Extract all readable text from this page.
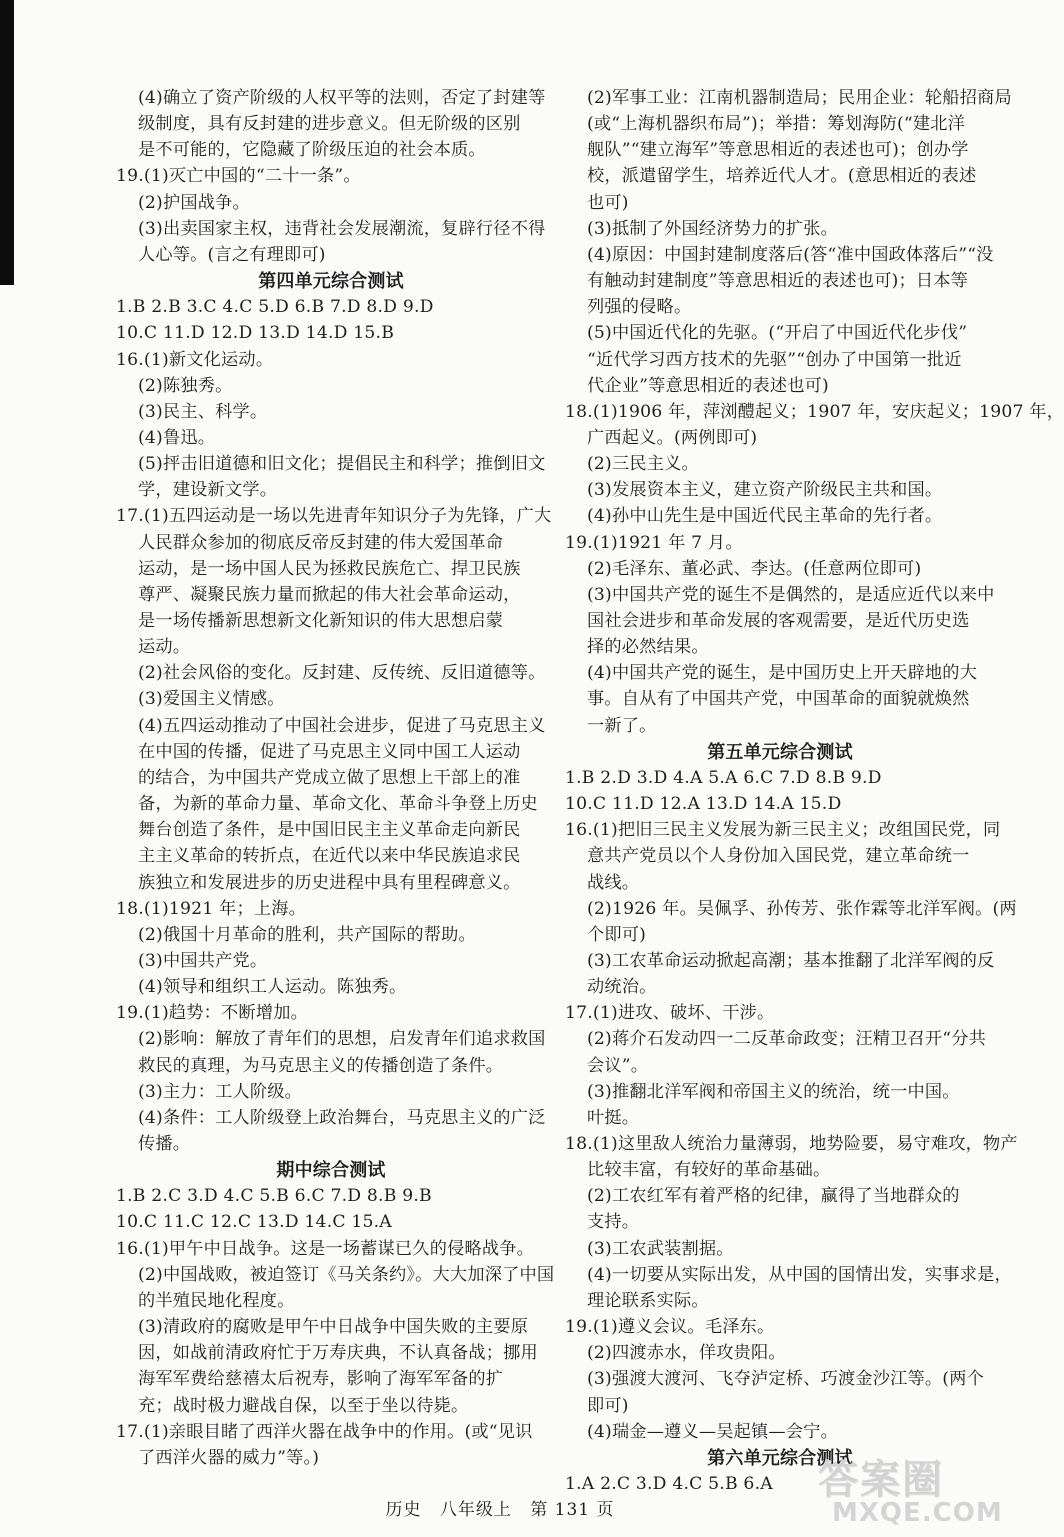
(4)确立了资产阶级的人权平等的法则，否定了封建等
级制度，具有反封建的进步意义。但无阶级的区别
是不可能的，它隐藏了阶级压迫的社会本质。
19.(1)灭亡中国的“二十一条”。
(2)护国战争。
(3)出卖国家主权，违背社会发展潮流，复辟行径不得
人心等。(言之有理即可)
第四单元综合测试
1.B 2.B 3.C 4.C 5.D 6.B 7.D 8.D 9.D
10.C 11.D 12.D 13.D 14.D 15.B
16.(1)新文化运动。
(2)陈独秀。
(3)民主、科学。
(4)鲁迅。
(5)抨击旧道德和旧文化；提倡民主和科学；推倒旧文
学，建设新文学。
17.(1)五四运动是一场以先进青年知识分子为先锋，广大
人民群众参加的彻底反帝反封建的伟大爱国革命
运动，是一场中国人民为拯救民族危亡、捍卫民族
尊严、凝聚民族力量而掀起的伟大社会革命运动，
是一场传播新思想新文化新知识的伟大思想启蒙
运动。
(2)社会风俗的变化。反封建、反传统、反旧道德等。
(3)爱国主义情感。
(4)五四运动推动了中国社会进步，促进了马克思主义
在中国的传播，促进了马克思主义同中国工人运动
的结合，为中国共产党成立做了思想上干部上的准
备，为新的革命力量、革命文化、革命斗争登上历史
舞台创造了条件，是中国旧民主主义革命走向新民
主主义革命的转折点，在近代以来中华民族追求民
族独立和发展进步的历史进程中具有里程碑意义。
18.(1)1921 年；上海。
(2)俄国十月革命的胜利，共产国际的帮助。
(3)中国共产党。
(4)领导和组织工人运动。陈独秀。
19.(1)趋势：不断增加。
(2)影响：解放了青年们的思想，启发青年们追求救国
救民的真理，为马克思主义的传播创造了条件。
(3)主力：工人阶级。
(4)条件：工人阶级登上政治舞台，马克思主义的广泛
传播。
期中综合测试
1.B 2.C 3.D 4.C 5.B 6.C 7.D 8.B 9.B
10.C 11.C 12.C 13.D 14.C 15.A
16.(1)甲午中日战争。这是一场蓄谋已久的侵略战争。
(2)中国战败，被迫签订《马关条约》。大大加深了中国
的半殖民地化程度。
(3)清政府的腐败是甲午中日战争中国失败的主要原
因，如战前清政府忙于万寿庆典，不认真备战；挪用
海军军费给慈禧太后祝寿，影响了海军军备的扩
充；战时极力避战自保，以至于坐以待毙。
17.(1)亲眼目睹了西洋火器在战争中的作用。(或“见识
了西洋火器的威力”等。)
(2)军事工业：江南机器制造局；民用企业：轮船招商局
(或“上海机器织布局”)；举措：筹划海防(“建北洋
舰队”“建立海军”等意思相近的表述也可)；创办学
校，派遣留学生，培养近代人才。(意思相近的表述
也可)
(3)抵制了外国经济势力的扩张。
(4)原因：中国封建制度落后(答“准中国政体落后”“没
有触动封建制度”等意思相近的表述也可)；日本等
列强的侵略。
(5)中国近代化的先驱。(“开启了中国近代化步伐”
“近代学习西方技术的先驱”“创办了中国第一批近
代企业”等意思相近的表述也可)
18.(1)1906 年，萍浏醴起义；1907 年，安庆起义；1907 年，
广西起义。(两例即可)
(2)三民主义。
(3)发展资本主义，建立资产阶级民主共和国。
(4)孙中山先生是中国近代民主革命的先行者。
19.(1)1921 年 7 月。
(2)毛泽东、董必武、李达。(任意两位即可)
(3)中国共产党的诞生不是偶然的，是适应近代以来中
国社会进步和革命发展的客观需要，是近代历史选
择的必然结果。
(4)中国共产党的诞生，是中国历史上开天辟地的大
事。自从有了中国共产党，中国革命的面貌就焕然
一新了。
第五单元综合测试
1.B 2.D 3.D 4.A 5.A 6.C 7.D 8.B 9.D
10.C 11.D 12.A 13.D 14.A 15.D
16.(1)把旧三民主义发展为新三民主义；改组国民党，同
意共产党员以个人身份加入国民党，建立革命统一
战线。
(2)1926 年。吴佩孚、孙传芳、张作霖等北洋军阀。(两
个即可)
(3)工农革命运动掀起高潮；基本推翻了北洋军阀的反
动统治。
17.(1)进攻、破坏、干涉。
(2)蒋介石发动四一二反革命政变；汪精卫召开“分共
会议”。
(3)推翻北洋军阀和帝国主义的统治，统一中国。
叶挺。
18.(1)这里敌人统治力量薄弱，地势险要，易守难攻，物产
比较丰富，有较好的革命基础。
(2)工农红军有着严格的纪律，赢得了当地群众的
支持。
(3)工农武装割据。
(4)一切要从实际出发，从中国的国情出发，实事求是，
理论联系实际。
19.(1)遵义会议。毛泽东。
(2)四渡赤水，佯攻贵阳。
(3)强渡大渡河、飞夺泸定桥、巧渡金沙江等。(两个
即可)
(4)瑞金—遵义—吴起镇—会宁。
第六单元综合测试
1.A 2.C 3.D 4.C 5.B 6.A
历史 八年级上 第 131 页
答案圈
MXQE.COM
